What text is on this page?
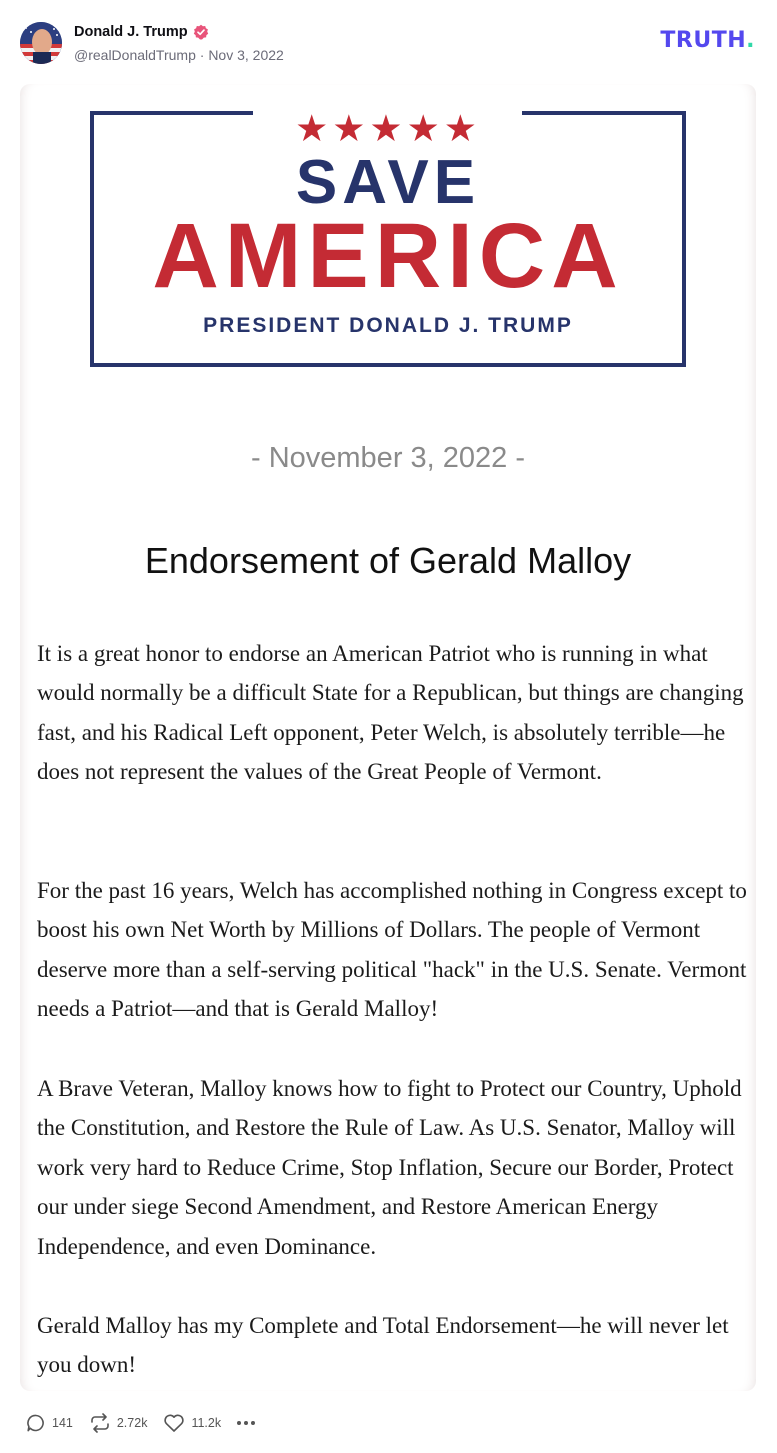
Donald J. Trump
@realDonaldTrump · Nov 3, 2022
TRUTH.
★★★★★
SAVE
AMERICA
PRESIDENT DONALD J. TRUMP
- November 3, 2022 -
Endorsement of Gerald Malloy
It is a great honor to endorse an American Patriot who is running in what would normally be a difficult State for a Republican, but things are changing fast, and his Radical Left opponent, Peter Welch, is absolutely terrible—he does not represent the values of the Great People of Vermont.
For the past 16 years, Welch has accomplished nothing in Congress except to boost his own Net Worth by Millions of Dollars. The people of Vermont deserve more than a self-serving political "hack" in the U.S. Senate. Vermont needs a Patriot—and that is Gerald Malloy!
A Brave Veteran, Malloy knows how to fight to Protect our Country, Uphold the Constitution, and Restore the Rule of Law. As U.S. Senator, Malloy will work very hard to Reduce Crime, Stop Inflation, Secure our Border, Protect our under siege Second Amendment, and Restore American Energy Independence, and even Dominance.
Gerald Malloy has my Complete and Total Endorsement—he will never let you down!
141	2.72k	11.2k
